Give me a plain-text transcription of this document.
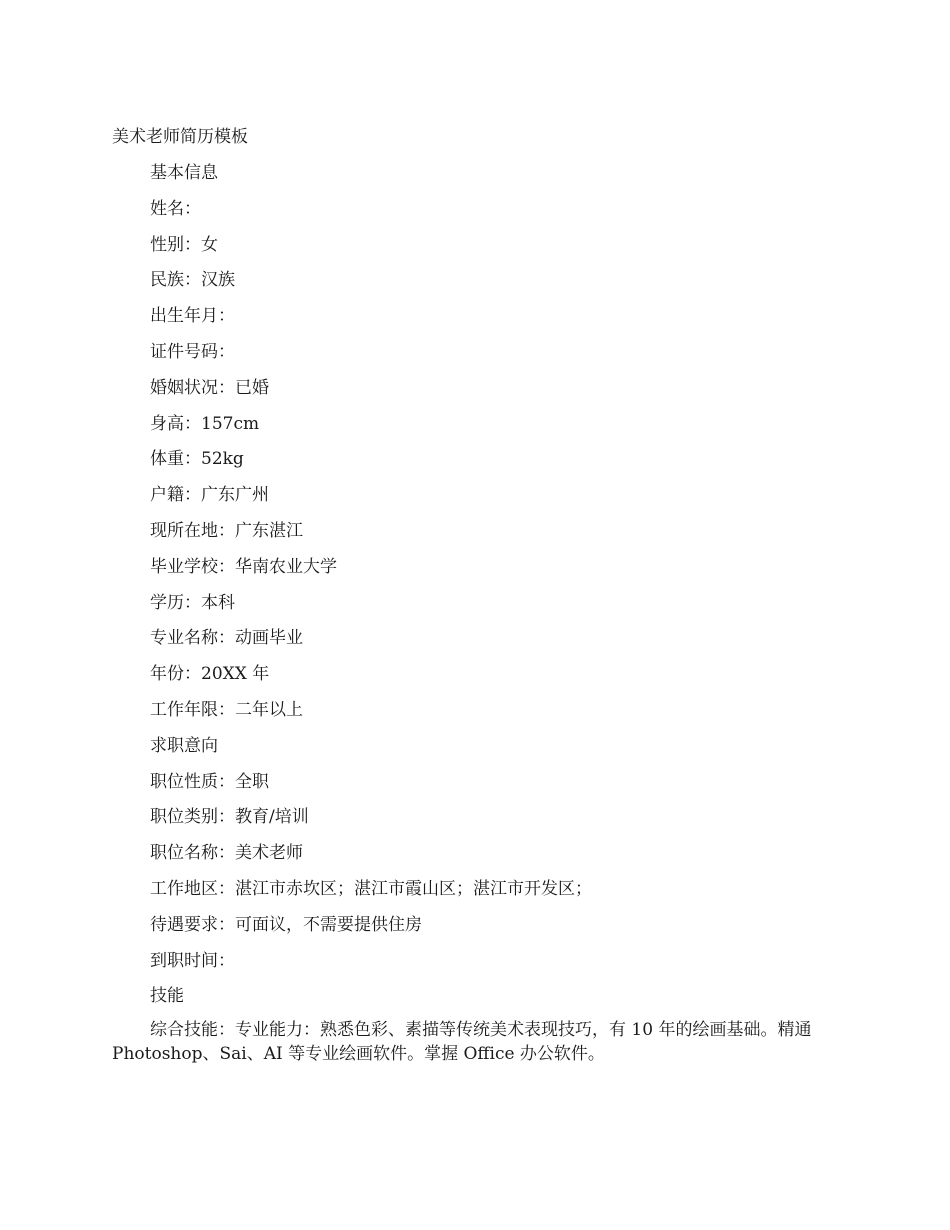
美术老师简历模板
基本信息
姓名：
性别：女
民族：汉族
出生年月：
证件号码：
婚姻状况：已婚
身高：157cm
体重：52kg
户籍：广东广州
现所在地：广东湛江
毕业学校：华南农业大学
学历：本科
专业名称：动画毕业
年份：20XX 年
工作年限：二年以上
求职意向
职位性质：全职
职位类别：教育/培训
职位名称：美术老师
工作地区：湛江市赤坎区；湛江市霞山区；湛江市开发区；
待遇要求：可面议，不需要提供住房
到职时间：
技能

综合技能：专业能力：熟悉色彩、素描等传统美术表现技巧，有 10 年的绘画基础。精通 Photoshop、Sai、AI 等专业绘画软件。掌握 Office 办公软件。
